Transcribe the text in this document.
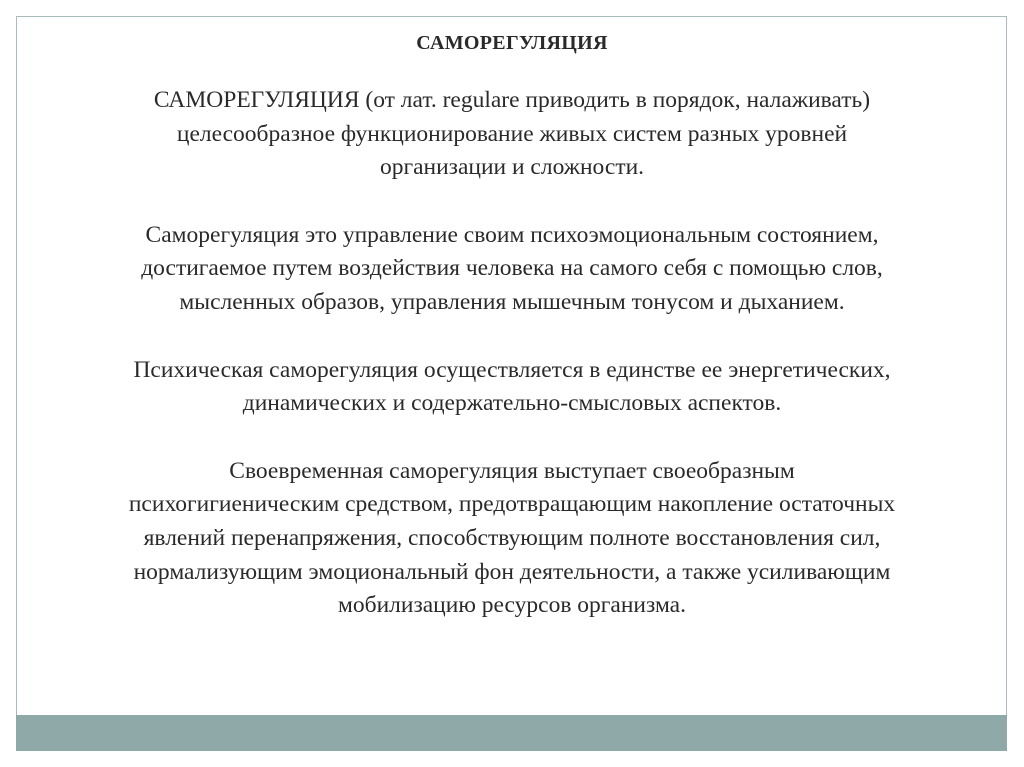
САМОРЕГУЛЯЦИЯ

САМОРЕГУЛЯЦИЯ (от лат. regulare приводить в порядок, налаживать)
целесообразное функционирование живых систем разных уровней
организации и сложности.

Саморегуляция это управление своим психоэмоциональным состоянием,
достигаемое путем воздействия человека на самого себя с помощью слов,
мысленных образов, управления мышечным тонусом и дыханием.

Психическая саморегуляция осуществляется в единстве ее энергетических,
динамических и содержательно-смысловых аспектов.

Своевременная саморегуляция выступает своеобразным
психогигиеническим средством, предотвращающим накопление остаточных
явлений перенапряжения, способствующим полноте восстановления сил,
нормализующим эмоциональный фон деятельности, а также усиливающим
мобилизацию ресурсов организма.
